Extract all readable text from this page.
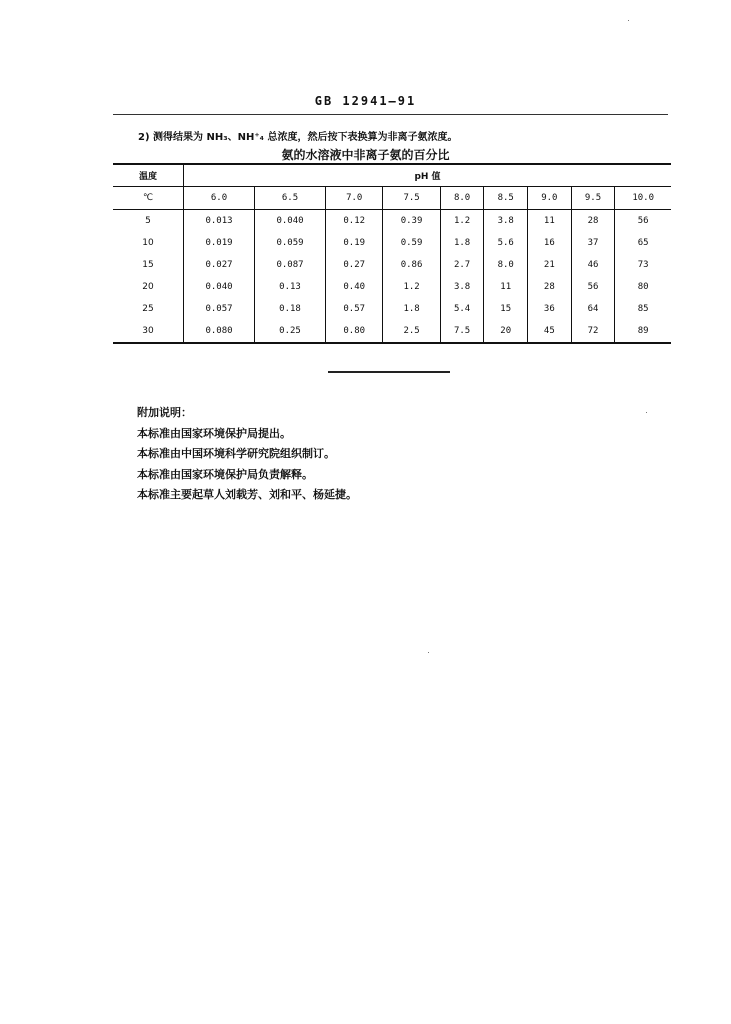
GB 12941—91
2) 测得结果为 NH₃、NH⁺₄ 总浓度，然后按下表换算为非离子氨浓度。
氨的水溶液中非离子氨的百分比
温度	pH 值								
℃	6.0	6.5	7.0	7.5	8.0	8.5	9.0	9.5	10.0
5	0.013	0.040	0.12	0.39	1.2	3.8	11	28	56
10	0.019	0.059	0.19	0.59	1.8	5.6	16	37	65
15	0.027	0.087	0.27	0.86	2.7	8.0	21	46	73
20	0.040	0.13	0.40	1.2	3.8	11	28	56	80
25	0.057	0.18	0.57	1.8	5.4	15	36	64	85
30	0.080	0.25	0.80	2.5	7.5	20	45	72	89
附加说明：
本标准由国家环境保护局提出。
本标准由中国环境科学研究院组织制订。
本标准由国家环境保护局负责解释。
本标准主要起草人刘载芳、刘和平、杨延捷。
